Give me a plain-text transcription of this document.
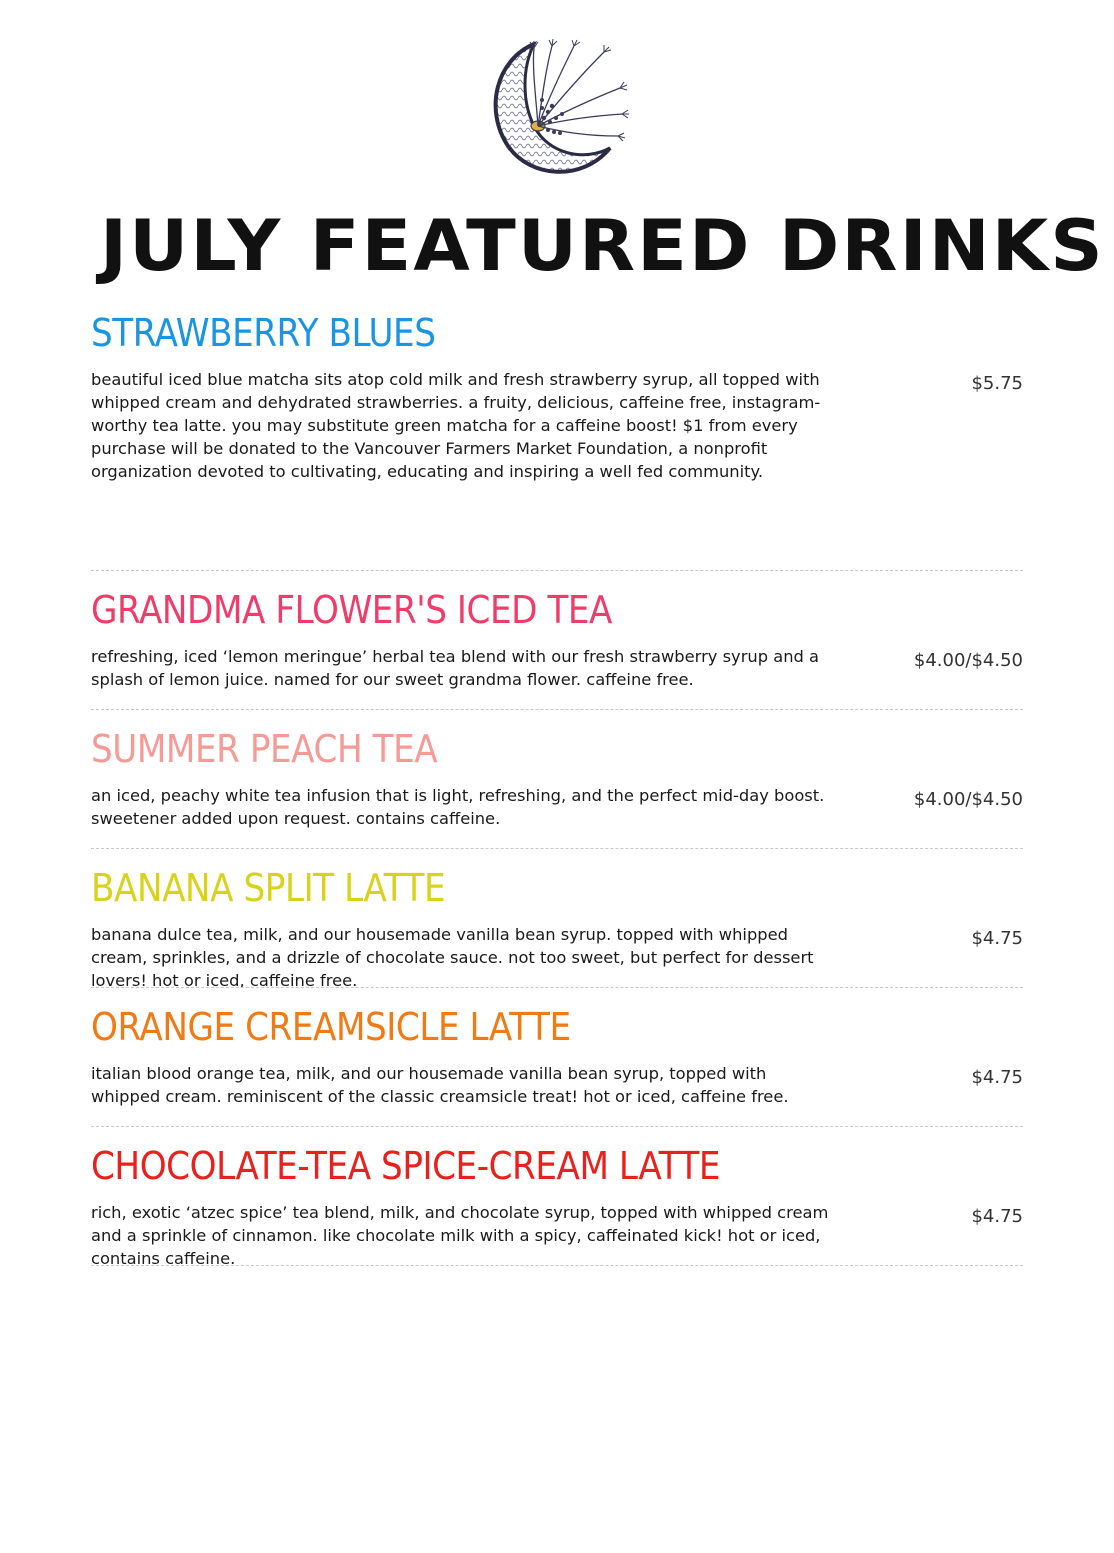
JULY FEATURED DRINKS
STRAWBERRY BLUES

beautiful iced blue matcha sits atop cold milk and fresh strawberry syrup, all topped with whipped cream and dehydrated strawberries. a fruity, delicious, caffeine free, instagram-worthy tea latte. you may substitute green matcha for a caffeine boost! $1 from every purchase will be donated to the Vancouver Farmers Market Foundation, a nonprofit organization devoted to cultivating, educating and inspiring a well fed community.

$5.75
GRANDMA FLOWER'S ICED TEA

refreshing, iced ‘lemon meringue’ herbal tea blend with our fresh strawberry syrup and a splash of lemon juice. named for our sweet grandma flower. caffeine free.

$4.00/$4.50
SUMMER PEACH TEA

an iced, peachy white tea infusion that is light, refreshing, and the perfect mid-day boost. sweetener added upon request. contains caffeine.

$4.00/$4.50
BANANA SPLIT LATTE

banana dulce tea, milk, and our housemade vanilla bean syrup. topped with whipped cream, sprinkles, and a drizzle of chocolate sauce. not too sweet, but perfect for dessert lovers! hot or iced, caffeine free.

$4.75
ORANGE CREAMSICLE LATTE

italian blood orange tea, milk, and our housemade vanilla bean syrup, topped with whipped cream. reminiscent of the classic creamsicle treat! hot or iced, caffeine free.

$4.75
CHOCOLATE-TEA SPICE-CREAM LATTE

rich, exotic ‘atzec spice’ tea blend, milk, and chocolate syrup, topped with whipped cream and a sprinkle of cinnamon. like chocolate milk with a spicy, caffeinated kick! hot or iced, contains caffeine.

$4.75
